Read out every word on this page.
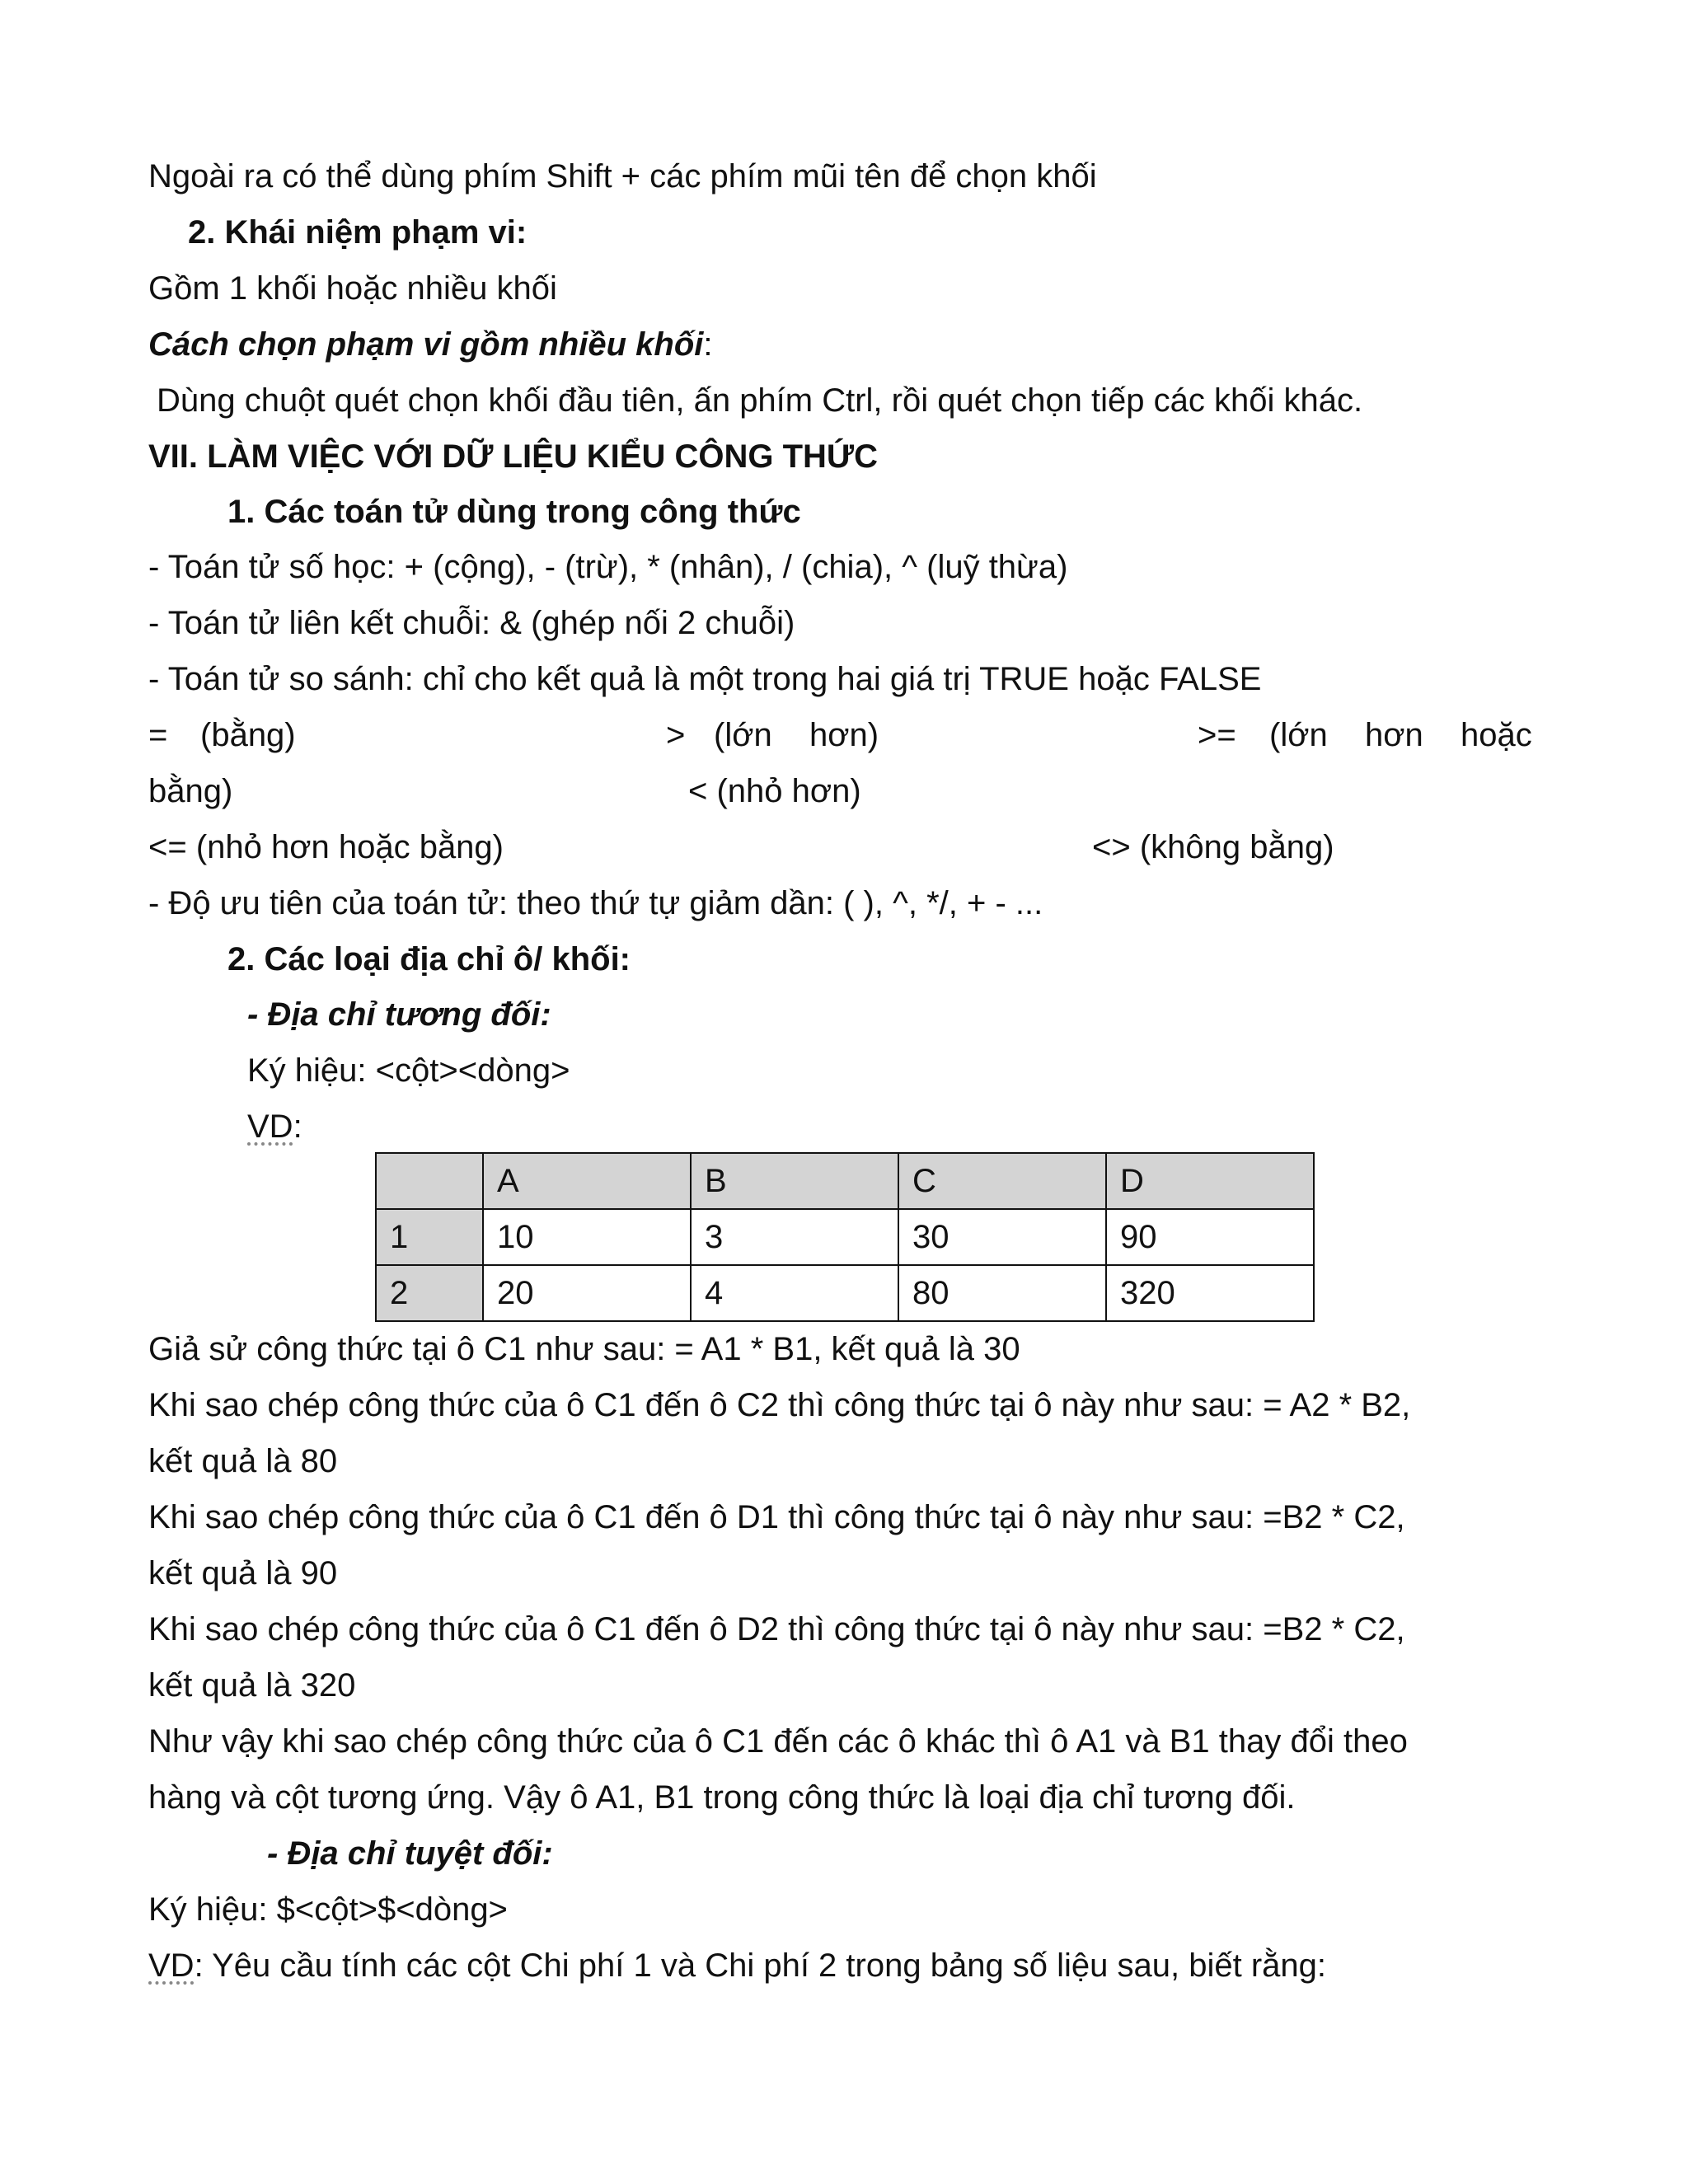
Ngoài ra có thể dùng phím Shift + các phím mũi tên để chọn khối
2. Khái niệm phạm vi:
Gồm 1 khối hoặc nhiều khối
Cách chọn phạm vi gồm nhiều khối:
Dùng chuột quét chọn khối đầu tiên, ấn phím Ctrl, rồi quét chọn tiếp các khối khác.
VII. LÀM VIỆC VỚI DỮ LIỆU KIỂU CÔNG THỨC
1. Các toán tử dùng trong công thức
- Toán tử số học: + (cộng), - (trừ), * (nhân), / (chia), ^ (luỹ thừa)
- Toán tử liên kết chuỗi: & (ghép nối 2 chuỗi)
- Toán tử so sánh: chỉ cho kết quả là một trong hai giá trị TRUE hoặc FALSE
= (bằng)	> (lớn hơn)	>= (lớn hơn hoặc
bằng)	< (nhỏ hơn)
<= (nhỏ hơn hoặc bằng)	<> (không bằng)
- Độ ưu tiên của toán tử: theo thứ tự giảm dần: ( ), ^, */, + - ...
2. Các loại địa chỉ ô/ khối:
- Địa chỉ tương đối:
Ký hiệu: <cột><dòng>
VD:
	A	B	C	D
1	10	3	30	90
2	20	4	80	320
Giả sử công thức tại ô C1 như sau: = A1 * B1, kết quả là 30
Khi sao chép công thức của ô C1 đến ô C2 thì công thức tại ô này như sau: = A2 * B2,
kết quả là 80
Khi sao chép công thức của ô C1 đến ô D1 thì công thức tại ô này như sau: =B2 * C2,
kết quả là 90
Khi sao chép công thức của ô C1 đến ô D2 thì công thức tại ô này như sau: =B2 * C2,
kết quả là 320
Như vậy khi sao chép công thức của ô C1 đến các ô khác thì ô A1 và B1 thay đổi theo
hàng và cột tương ứng. Vậy ô A1, B1 trong công thức là loại địa chỉ tương đối.
- Địa chỉ tuyệt đối:
Ký hiệu: $<cột>$<dòng>
VD: Yêu cầu tính các cột Chi phí 1 và Chi phí 2 trong bảng số liệu sau, biết rằng:
